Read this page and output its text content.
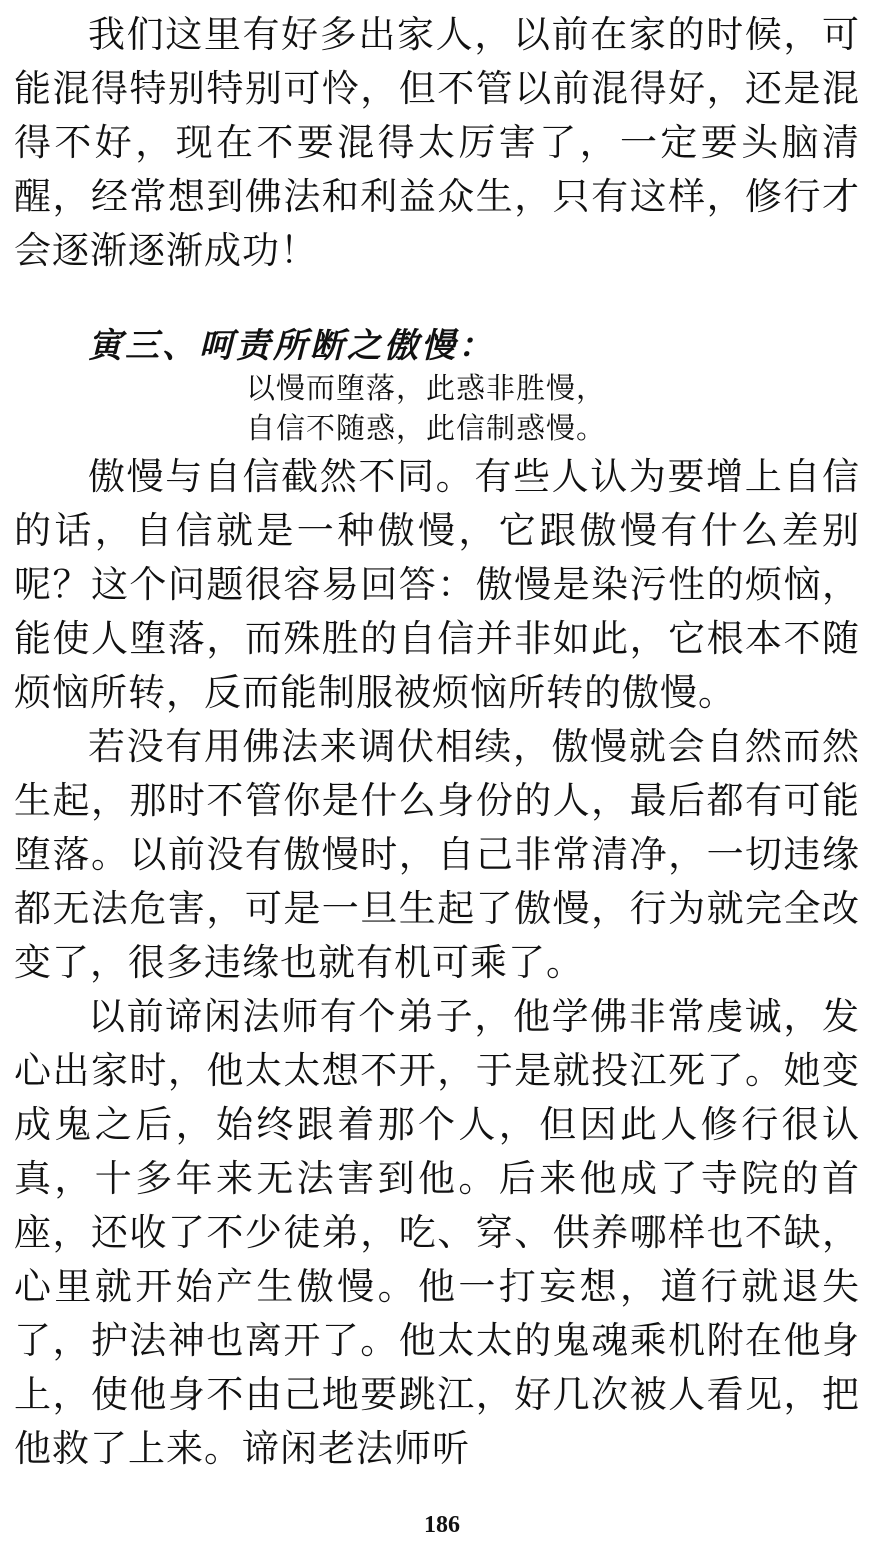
我们这里有好多出家人，以前在家的时候，可能混得特别特别可怜，但不管以前混得好，还是混得不好，现在不要混得太厉害了，一定要头脑清醒，经常想到佛法和利益众生，只有这样，修行才会逐渐逐渐成功！

寅三、呵责所断之傲慢：
以慢而堕落，此惑非胜慢，
自信不随惑，此信制惑慢。

傲慢与自信截然不同。有些人认为要增上自信的话，自信就是一种傲慢，它跟傲慢有什么差别呢？这个问题很容易回答：傲慢是染污性的烦恼，能使人堕落，而殊胜的自信并非如此，它根本不随烦恼所转，反而能制服被烦恼所转的傲慢。

若没有用佛法来调伏相续，傲慢就会自然而然生起，那时不管你是什么身份的人，最后都有可能堕落。以前没有傲慢时，自己非常清净，一切违缘都无法危害，可是一旦生起了傲慢，行为就完全改变了，很多违缘也就有机可乘了。

以前谛闲法师有个弟子，他学佛非常虔诚，发心出家时，他太太想不开，于是就投江死了。她变成鬼之后，始终跟着那个人，但因此人修行很认真，十多年来无法害到他。后来他成了寺院的首座，还收了不少徒弟，吃、穿、供养哪样也不缺，心里就开始产生傲慢。他一打妄想，道行就退失了，护法神也离开了。他太太的鬼魂乘机附在他身上，使他身不由己地要跳江，好几次被人看见，把他救了上来。谛闲老法师听

186
